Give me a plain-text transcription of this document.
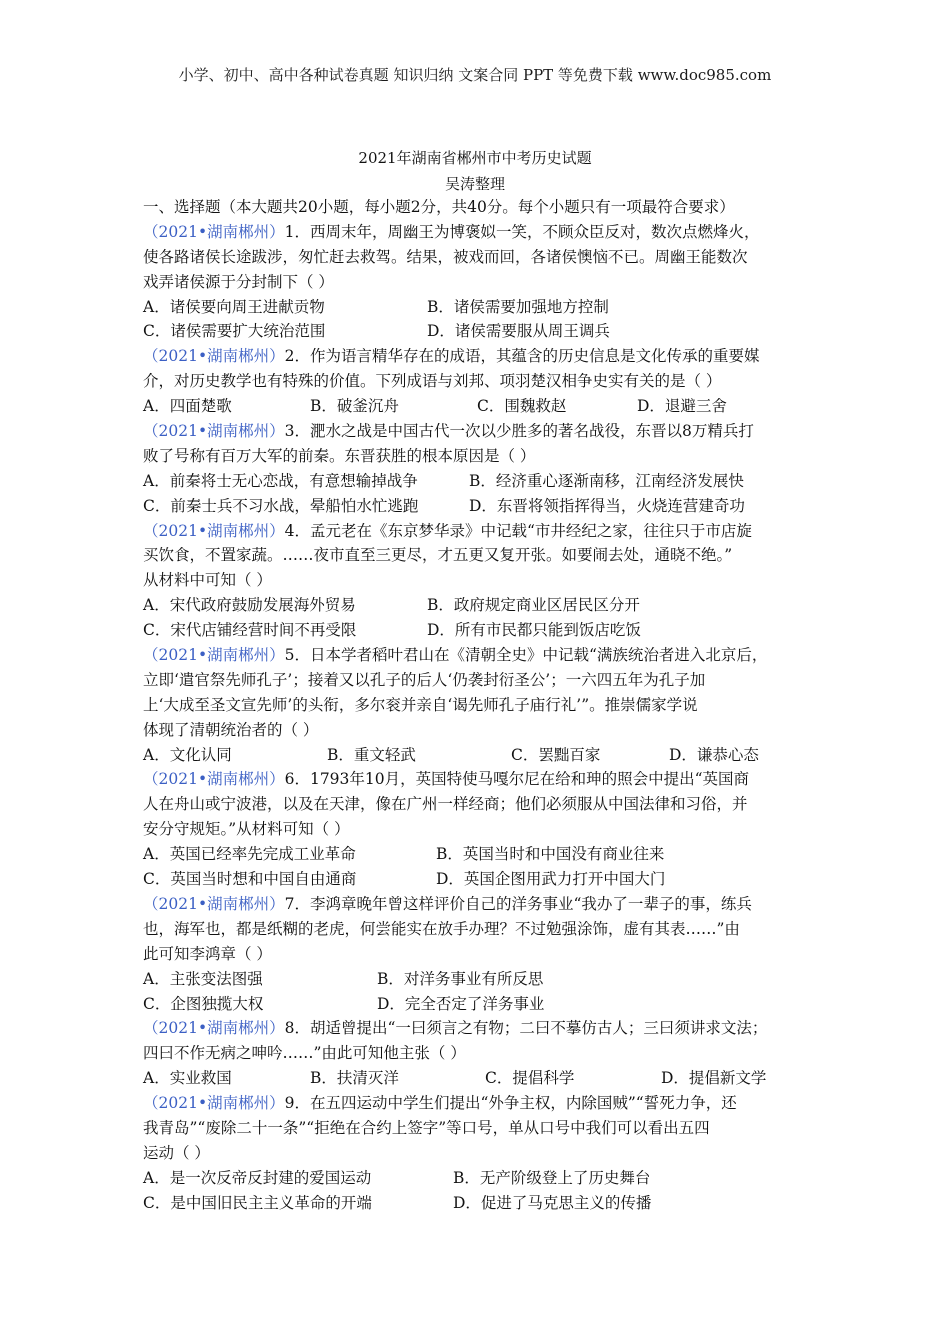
小学、初中、高中各种试卷真题 知识归纳 文案合同 PPT 等免费下载 www.doc985.com
2021年湖南省郴州市中考历史试题
吴涛整理
一、选择题（本大题共20小题，每小题2分，共40分。每个小题只有一项最符合要求）
（2021•湖南郴州）1．西周末年，周幽王为博褒姒一笑，不顾众臣反对，数次点燃烽火，
使各路诸侯长途跋涉，匆忙赶去救驾。结果，被戏而回，各诸侯懊恼不已。周幽王能数次
戏弄诸侯源于分封制下（ ）
A．诸侯要向周王进献贡物	B．诸侯需要加强地方控制
C．诸侯需要扩大统治范围	D．诸侯需要服从周王调兵
（2021•湖南郴州）2．作为语言精华存在的成语，其蕴含的历史信息是文化传承的重要媒
介，对历史教学也有特殊的价值。下列成语与刘邦、项羽楚汉相争史实有关的是（ ）
A．四面楚歌	B．破釜沉舟	C．围魏救赵	D．退避三舍
（2021•湖南郴州）3．淝水之战是中国古代一次以少胜多的著名战役，东晋以8万精兵打
败了号称有百万大军的前秦。东晋获胜的根本原因是（ ）
A．前秦将士无心恋战，有意想输掉战争	B．经济重心逐渐南移，江南经济发展快
C．前秦士兵不习水战，晕船怕水忙逃跑	D．东晋将领指挥得当，火烧连营建奇功
（2021•湖南郴州）4．孟元老在《东京梦华录》中记载“市井经纪之家，往往只于市店旋
买饮食，不置家蔬。……夜市直至三更尽，才五更又复开张。如要闹去处，通晓不绝。”
从材料中可知（ ）
A．宋代政府鼓励发展海外贸易	B．政府规定商业区居民区分开
C．宋代店铺经营时间不再受限	D．所有市民都只能到饭店吃饭
（2021•湖南郴州）5．日本学者稻叶君山在《清朝全史》中记载“满族统治者进入北京后，
立即‘遣官祭先师孔子’；接着又以孔子的后人‘仍袭封衍圣公’；一六四五年为孔子加
上‘大成至圣文宣先师’的头衔，多尔衮并亲自‘谒先师孔子庙行礼’”。推崇儒家学说
体现了清朝统治者的（ ）
A．文化认同	B．重文轻武	C．罢黜百家	D．谦恭心态
（2021•湖南郴州）6．1793年10月，英国特使马嘎尔尼在给和珅的照会中提出“英国商
人在舟山或宁波港，以及在天津，像在广州一样经商；他们必须服从中国法律和习俗，并
安分守规矩。”从材料可知（ ）
A．英国已经率先完成工业革命	B．英国当时和中国没有商业往来
C．英国当时想和中国自由通商	D．英国企图用武力打开中国大门
（2021•湖南郴州）7．李鸿章晚年曾这样评价自己的洋务事业“我办了一辈子的事，练兵
也，海军也，都是纸糊的老虎，何尝能实在放手办理？不过勉强涂饰，虚有其表……”由
此可知李鸿章（ ）
A．主张变法图强	B．对洋务事业有所反思
C．企图独揽大权	D．完全否定了洋务事业
（2021•湖南郴州）8．胡适曾提出“一曰须言之有物；二曰不摹仿古人；三曰须讲求文法；
四曰不作无病之呻吟……”由此可知他主张（ ）
A．实业救国	B．扶清灭洋	C．提倡科学	D．提倡新文学
（2021•湖南郴州）9．在五四运动中学生们提出“外争主权，内除国贼”“誓死力争，还
我青岛”“废除二十一条”“拒绝在合约上签字”等口号，单从口号中我们可以看出五四
运动（ ）
A．是一次反帝反封建的爱国运动	B．无产阶级登上了历史舞台
C．是中国旧民主主义革命的开端	D．促进了马克思主义的传播
